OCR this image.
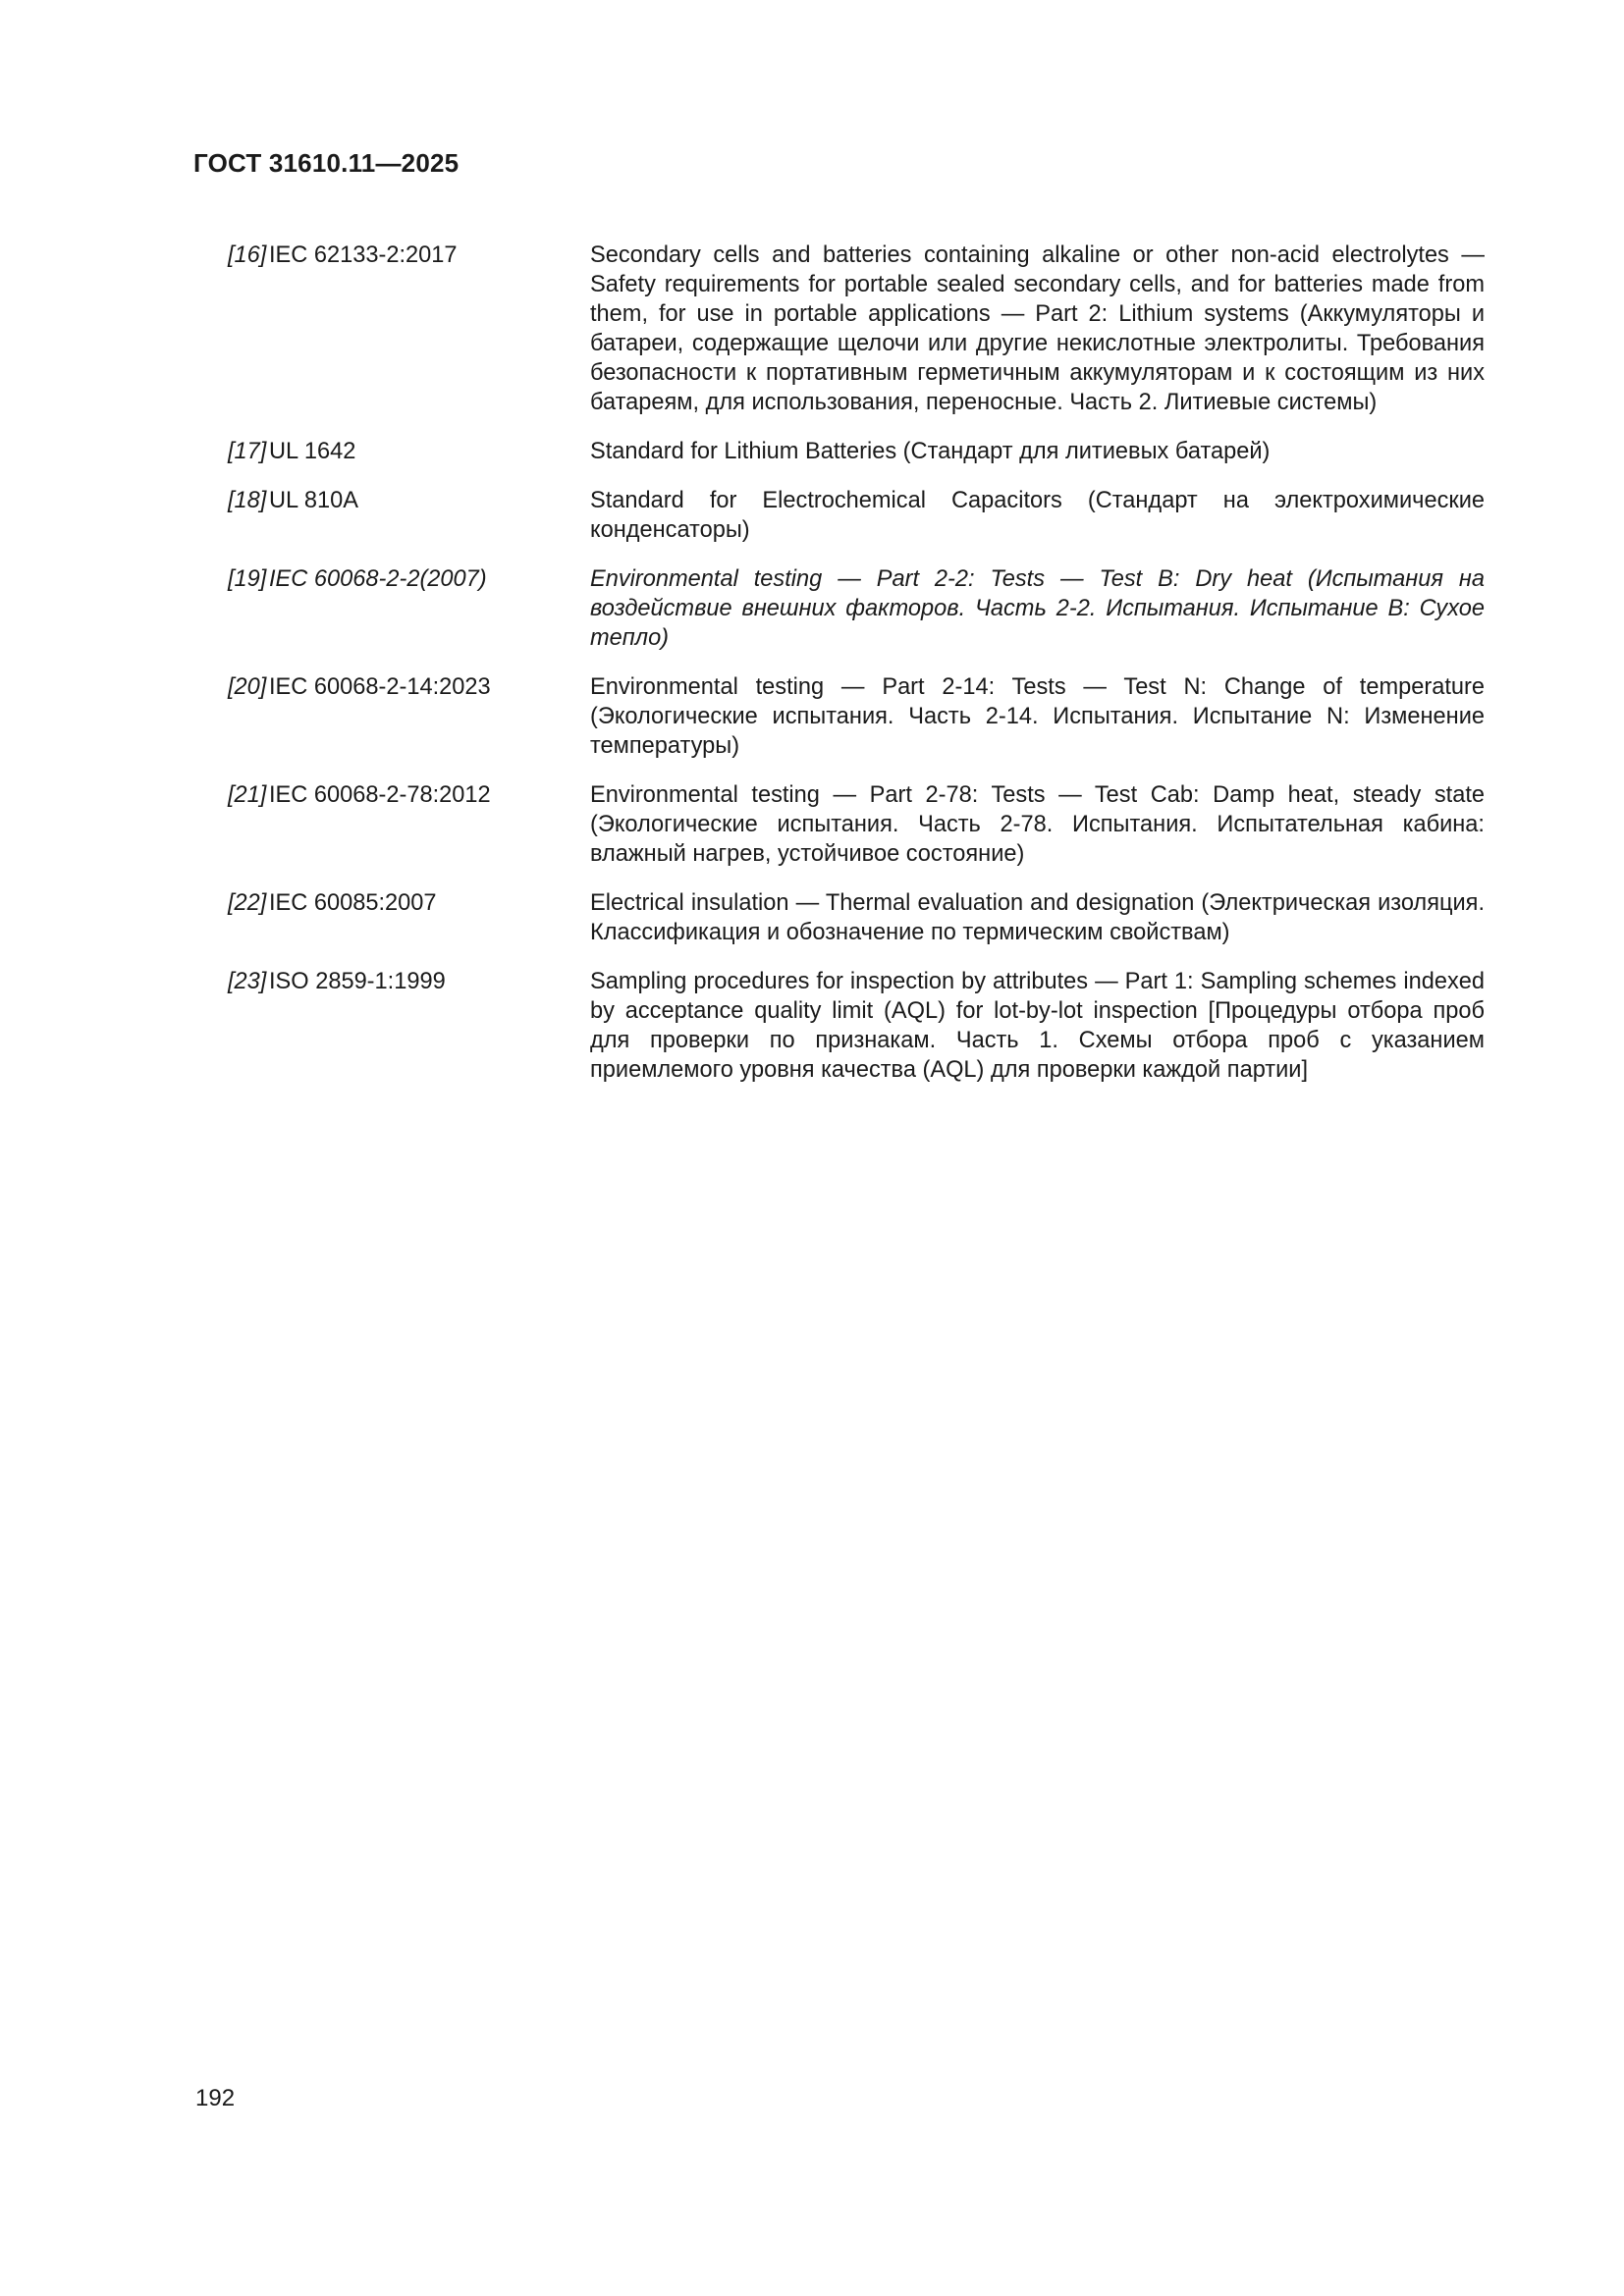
ГОСТ 31610.11—2025
[16] IEC 62133-2:2017	Secondary cells and batteries containing alkaline or other non-acid electrolytes — Safety requirements for portable sealed secondary cells, and for batteries made from them, for use in portable applications — Part 2: Lithium systems (Аккумуляторы и батареи, содержащие щелочи или другие некислотные электролиты. Требования безопасности к портативным герметичным аккумуляторам и к состоящим из них батареям, для использования, переносные. Часть 2. Литиевые системы)
[17] UL 1642	Standard for Lithium Batteries (Стандарт для литиевых батарей)
[18] UL 810A	Standard for Electrochemical Capacitors (Стандарт на электрохимические конденсаторы)
[19] IEC 60068-2-2(2007)	Environmental testing — Part 2-2: Tests — Test B: Dry heat (Испытания на воздействие внешних факторов. Часть 2-2. Испытания. Испытание B: Сухое тепло)
[20] IEC 60068-2-14:2023	Environmental testing — Part 2-14: Tests — Test N: Change of temperature (Экологические испытания. Часть 2-14. Испытания. Испытание N: Изменение температуры)
[21] IEC 60068-2-78:2012	Environmental testing — Part 2-78: Tests — Test Cab: Damp heat, steady state (Экологические испытания. Часть 2-78. Испытания. Испытательная кабина: влажный нагрев, устойчивое состояние)
[22] IEC 60085:2007	Electrical insulation — Thermal evaluation and designation (Электрическая изоляция. Классификация и обозначение по термическим свойствам)
[23] ISO 2859-1:1999	Sampling procedures for inspection by attributes — Part 1: Sampling schemes indexed by acceptance quality limit (AQL) for lot-by-lot inspection [Процедуры отбора проб для проверки по признакам. Часть 1. Схемы отбора проб с указанием приемлемого уровня качества (AQL) для проверки каждой партии]
192
